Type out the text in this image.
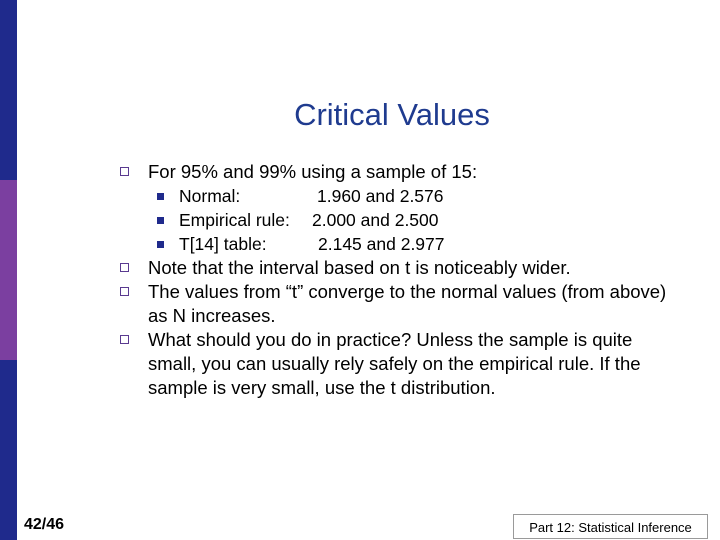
Critical Values
For 95% and 99% using a sample of 15:
Normal:	1.960 and 2.576
Empirical rule: 2.000 and 2.500
T[14] table:	2.145 and 2.977
Note that the interval based on t is noticeably wider.
The values from “t” converge to the normal values (from above) as N increases.
What should you do in practice? Unless the sample is quite small, you can usually rely safely on the empirical rule. If the sample is very small, use the t distribution.
42/46	Part 12: Statistical Inference
